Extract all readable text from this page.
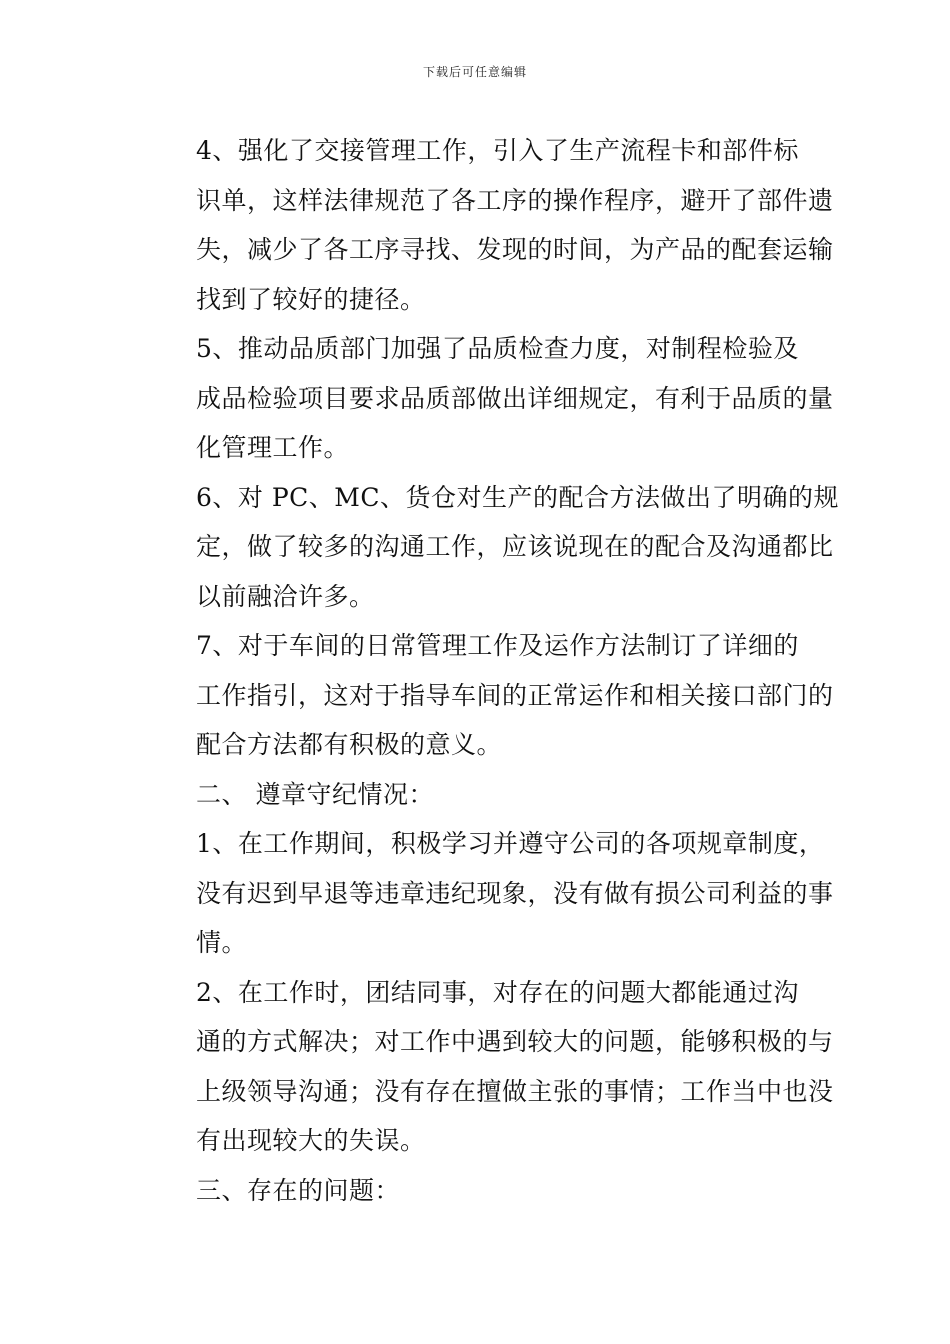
下载后可任意编辑

4、强化了交接管理工作，引入了生产流程卡和部件标
识单，这样法律规范了各工序的操作程序，避开了部件遗
失，减少了各工序寻找、发现的时间，为产品的配套运输
找到了较好的捷径。

5、推动品质部门加强了品质检查力度，对制程检验及
成品检验项目要求品质部做出详细规定，有利于品质的量
化管理工作。

6、对 PC、MC、货仓对生产的配合方法做出了明确的规
定，做了较多的沟通工作，应该说现在的配合及沟通都比
以前融洽许多。

7、对于车间的日常管理工作及运作方法制订了详细的
工作指引，这对于指导车间的正常运作和相关接口部门的
配合方法都有积极的意义。

二、 遵章守纪情况：

1、在工作期间，积极学习并遵守公司的各项规章制度，
没有迟到早退等违章违纪现象，没有做有损公司利益的事
情。

2、在工作时，团结同事，对存在的问题大都能通过沟
通的方式解决；对工作中遇到较大的问题，能够积极的与
上级领导沟通；没有存在擅做主张的事情；工作当中也没
有出现较大的失误。

三、存在的问题：
